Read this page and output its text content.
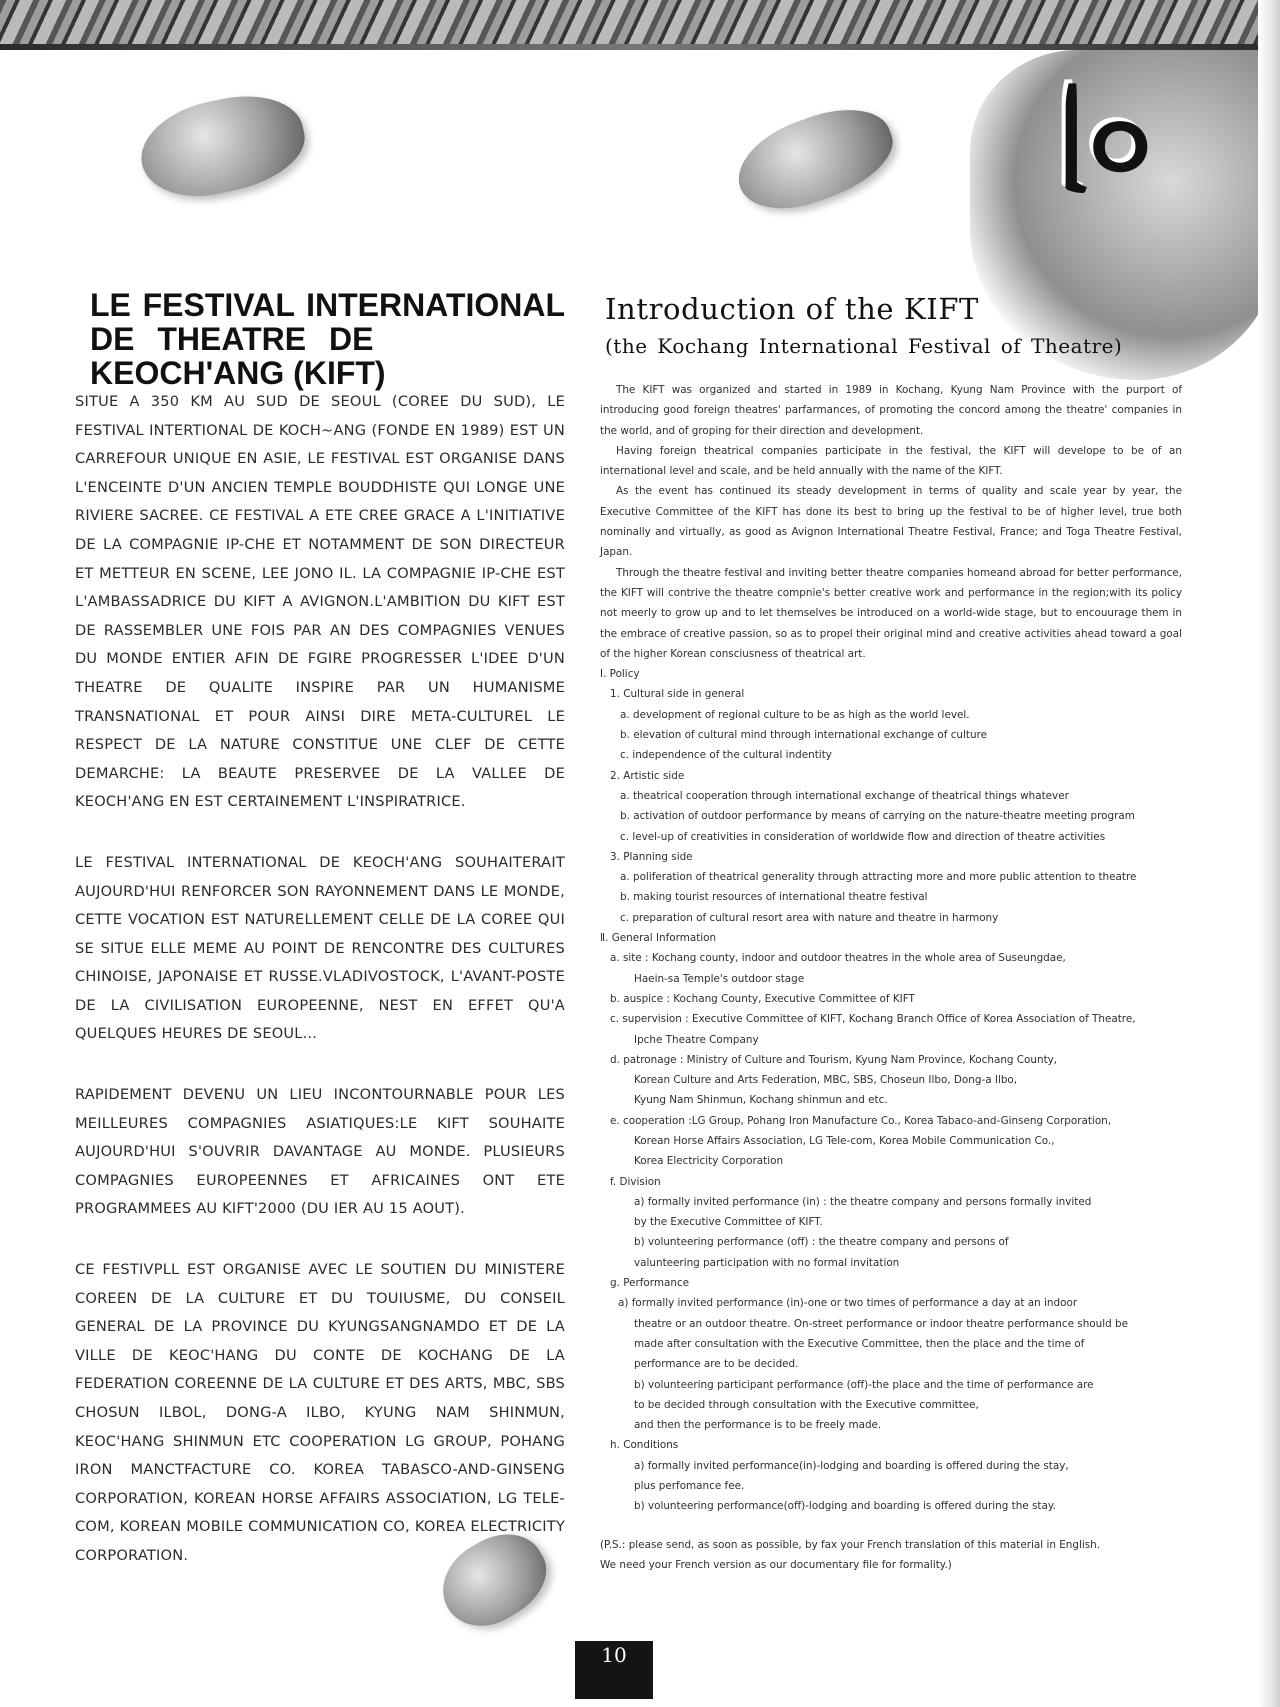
이
LE FESTIVAL INTERNATIONAL
DE THEATRE DE
KEOCH'ANG (KIFT)

SITUE A 350 KM AU SUD DE SEOUL (COREE DU SUD), LE FESTIVAL INTERTIONAL DE KOCH~ANG (FONDE EN 1989) EST UN CARREFOUR UNIQUE EN ASIE, LE FESTIVAL EST ORGANISE DANS L'ENCEINTE D'UN ANCIEN TEMPLE BOUDDHISTE QUI LONGE UNE RIVIERE SACREE. CE FESTIVAL A ETE CREE GRACE A L'INITIATIVE DE LA COMPAGNIE IP-CHE ET NOTAMMENT DE SON DIRECTEUR ET METTEUR EN SCENE, LEE JONO IL. LA COMPAGNIE IP-CHE EST L'AMBASSADRICE DU KIFT A AVIGNON.L'AMBITION DU KIFT EST DE RASSEMBLER UNE FOIS PAR AN DES COMPAGNIES VENUES DU MONDE ENTIER AFIN DE FGIRE PROGRESSER L'IDEE D'UN THEATRE DE QUALITE INSPIRE PAR UN HUMANISME TRANSNATIONAL ET POUR AINSI DIRE META-CULTUREL LE RESPECT DE LA NATURE CONSTITUE UNE CLEF DE CETTE DEMARCHE: LA BEAUTE PRESERVEE DE LA VALLEE DE KEOCH'ANG EN EST CERTAINEMENT L'INSPIRATRICE.

LE FESTIVAL INTERNATIONAL DE KEOCH'ANG SOUHAITERAIT AUJOURD'HUI RENFORCER SON RAYONNEMENT DANS LE MONDE, CETTE VOCATION EST NATURELLEMENT CELLE DE LA COREE QUI SE SITUE ELLE MEME AU POINT DE RENCONTRE DES CULTURES CHINOISE, JAPONAISE ET RUSSE.VLADIVOSTOCK, L'AVANT-POSTE DE LA CIVILISATION EUROPEENNE, NEST EN EFFET QU'A QUELQUES HEURES DE SEOUL...

RAPIDEMENT DEVENU UN LIEU INCONTOURNABLE POUR LES MEILLEURES COMPAGNIES ASIATIQUES:LE KIFT SOUHAITE AUJOURD'HUI S'OUVRIR DAVANTAGE AU MONDE. PLUSIEURS COMPAGNIES EUROPEENNES ET AFRICAINES ONT ETE PROGRAMMEES AU KIFT'2000 (DU IER AU 15 AOUT).

CE FESTIVPLL EST ORGANISE AVEC LE SOUTIEN DU MINISTERE COREEN DE LA CULTURE ET DU TOUIUSME, DU CONSEIL GENERAL DE LA PROVINCE DU KYUNGSANGNAMDO ET DE LA VILLE DE KEOC'HANG DU CONTE DE KOCHANG DE LA FEDERATION COREENNE DE LA CULTURE ET DES ARTS, MBC, SBS CHOSUN ILBOL, DONG-A ILBO, KYUNG NAM SHINMUN, KEOC'HANG SHINMUN ETC COOPERATION LG GROUP, POHANG IRON MANCTFACTURE CO. KOREA TABASCO-AND-GINSENG CORPORATION, KOREAN HORSE AFFAIRS ASSOCIATION, LG TELE-COM, KOREAN MOBILE COMMUNICATION CO, KOREA ELECTRICITY CORPORATION.

Introduction of the KIFT
(the Kochang International Festival of Theatre)

The KIFT was organized and started in 1989 in Kochang, Kyung Nam Province with the purport of introducing good foreign theatres' parfarmances, of promoting the concord among the theatre' companies in the world, and of groping for their direction and development.

Having foreign theatrical companies participate in the festival, the KIFT will develope to be of an international level and scale, and be held annually with the name of the KIFT.

As the event has continued its steady development in terms of quality and scale year by year, the Executive Committee of the KIFT has done its best to bring up the festival to be of higher level, true both nominally and virtually, as good as Avignon International Theatre Festival, France; and Toga Theatre Festival, Japan.

Through the theatre festival and inviting better theatre companies homeand abroad for better performance, the KIFT will contrive the theatre compnie's better creative work and performance in the region;with its policy not meerly to grow up and to let themselves be introduced on a world-wide stage, but to encouurage them in the embrace of creative passion, so as to propel their original mind and creative activities ahead toward a goal of the higher Korean consciusness of theatrical art.

Ⅰ. Policy
1. Cultural side in general
a. development of regional culture to be as high as the world level.
b. elevation of cultural mind through international exchange of culture
c. independence of the cultural indentity
2. Artistic side
a. theatrical cooperation through international exchange of theatrical things whatever
b. activation of outdoor performance by means of carrying on the nature-theatre meeting program
c. level-up of creativities in consideration of worldwide flow and direction of theatre activities
3. Planning side
a. poliferation of theatrical generality through attracting more and more public attention to theatre
b. making tourist resources of international theatre festival
c. preparation of cultural resort area with nature and theatre in harmony
Ⅱ. General Information
a. site : Kochang county, indoor and outdoor theatres in the whole area of Suseungdae,
Haein-sa Temple's outdoor stage
b. auspice : Kochang County, Executive Committee of KIFT
c. supervision : Executive Committee of KIFT, Kochang Branch Office of Korea Association of Theatre,
Ipche Theatre Company
d. patronage : Ministry of Culture and Tourism, Kyung Nam Province, Kochang County,
Korean Culture and Arts Federation, MBC, SBS, Choseun Ilbo, Dong-a Ilbo,
Kyung Nam Shinmun, Kochang shinmun and etc.
e. cooperation :LG Group, Pohang Iron Manufacture Co., Korea Tabaco-and-Ginseng Corporation,
Korean Horse Affairs Association, LG Tele-com, Korea Mobile Communication Co.,
Korea Electricity Corporation
f. Division
a) formally invited performance (in) : the theatre company and persons formally invited
by the Executive Committee of KIFT.
b) volunteering performance (off) : the theatre company and persons of
valunteering participation with no formal invitation
g. Performance
a) formally invited performance (in)-one or two times of performance a day at an indoor
theatre or an outdoor theatre. On-street performance or indoor theatre performance should be
made after consultation with the Executive Committee, then the place and the time of
performance are to be decided.
b) volunteering participant performance (off)-the place and the time of performance are
to be decided through consultation with the Executive committee,
and then the performance is to be freely made.
h. Conditions
a) formally invited performance(in)-lodging and boarding is offered during the stay,
plus perfomance fee.
b) volunteering performance(off)-lodging and boarding is offered during the stay.
(P.S.: please send, as soon as possible, by fax your French translation of this material in English.
We need your French version as our documentary file for formality.)
10
